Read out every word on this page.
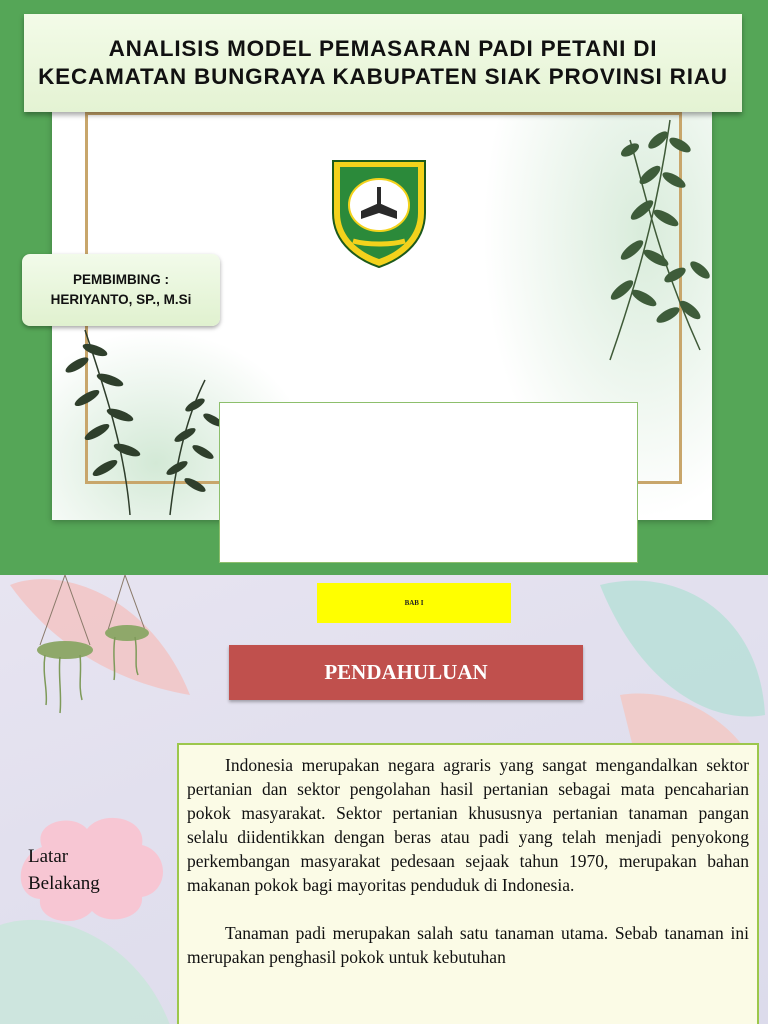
ANALISIS MODEL PEMASARAN PADI PETANI DI KECAMATAN BUNGRAYA KABUPATEN SIAK PROVINSI RIAU
PEMBIMBING :
HERIYANTO, SP., M.Si
BAB I
PENDAHULUAN
Latar Belakang

Indonesia merupakan negara agraris yang sangat mengandalkan sektor pertanian dan sektor pengolahan hasil pertanian sebagai mata pencaharian pokok masyarakat. Sektor pertanian khususnya pertanian tanaman pangan selalu diidentikkan dengan beras atau padi yang telah menjadi penyokong perkembangan masyarakat pedesaan sejaak tahun 1970, merupakan bahan makanan pokok bagi mayoritas penduduk di Indonesia.

Tanaman padi merupakan salah satu tanaman utama. Sebab tanaman ini merupakan penghasil pokok untuk kebutuhan
